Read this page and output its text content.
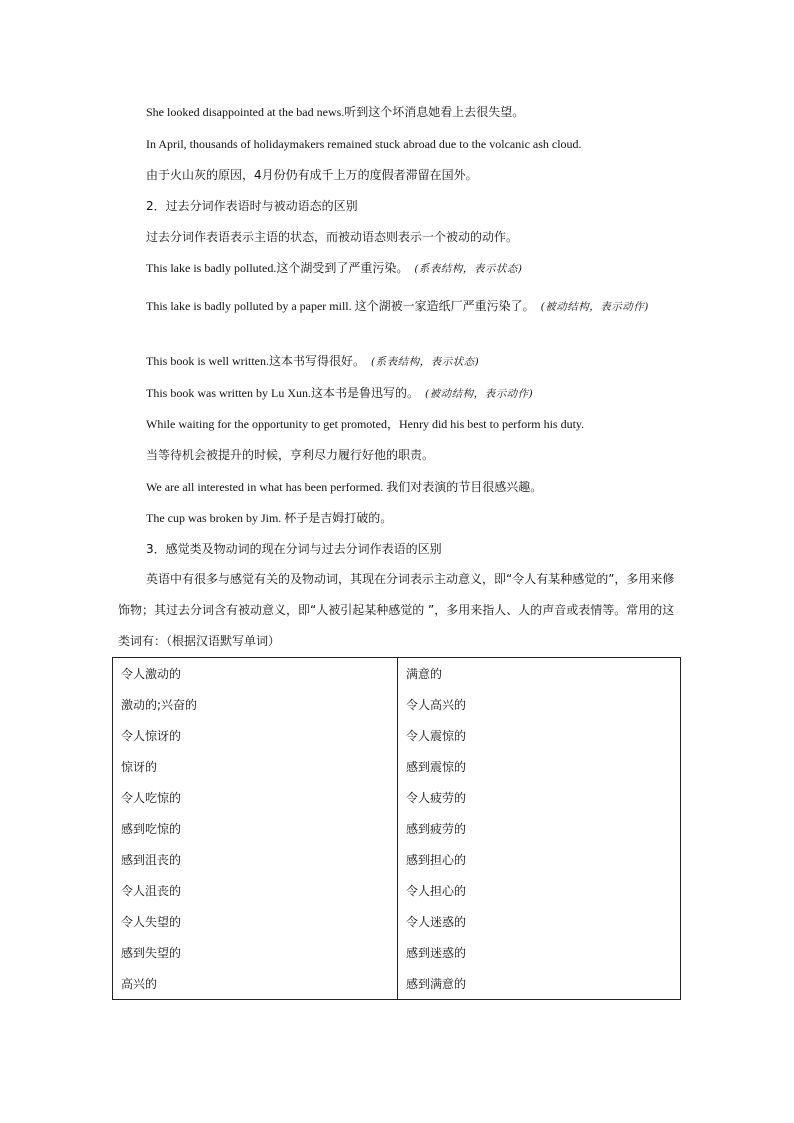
She looked disappointed at the bad news.听到这个坏消息她看上去很失望。
In April, thousands of holidaymakers remained stuck abroad due to the volcanic ash cloud.
由于火山灰的原因，4月份仍有成千上万的度假者滞留在国外。
2．过去分词作表语时与被动语态的区别
过去分词作表语表示主语的状态，而被动语态则表示一个被动的动作。
This lake is badly polluted.这个湖受到了严重污染。 (系表结构，表示状态)
This lake is badly polluted by a paper mill. 这个湖被一家造纸厂严重污染了。 (被动结构，表示动作)
This book is well written.这本书写得很好。 (系表结构，表示状态)
This book was written by Lu Xun.这本书是鲁迅写的。 (被动结构，表示动作)
While waiting for the opportunity to get promoted，Henry did his best to perform his duty.
当等待机会被提升的时候，亨利尽力履行好他的职责。
We are all interested in what has been performed. 我们对表演的节目很感兴趣。
The cup was broken by Jim. 杯子是吉姆打破的。
3．感觉类及物动词的现在分词与过去分词作表语的区别
英语中有很多与感觉有关的及物动词，其现在分词表示主动意义，即“令人有某种感觉的”，多用来修饰物；其过去分词含有被动意义，即“人被引起某种感觉的 ”，多用来指人、人的声音或表情等。常用的这类词有：（根据汉语默写单词）
令人激动的	满意的
激动的;兴奋的	令人高兴的
令人惊讶的	令人震惊的
惊讶的	感到震惊的
令人吃惊的	令人疲劳的
感到吃惊的	感到疲劳的
感到沮丧的	感到担心的
令人沮丧的	令人担心的
令人失望的	令人迷惑的
感到失望的	感到迷惑的
高兴的	感到满意的
